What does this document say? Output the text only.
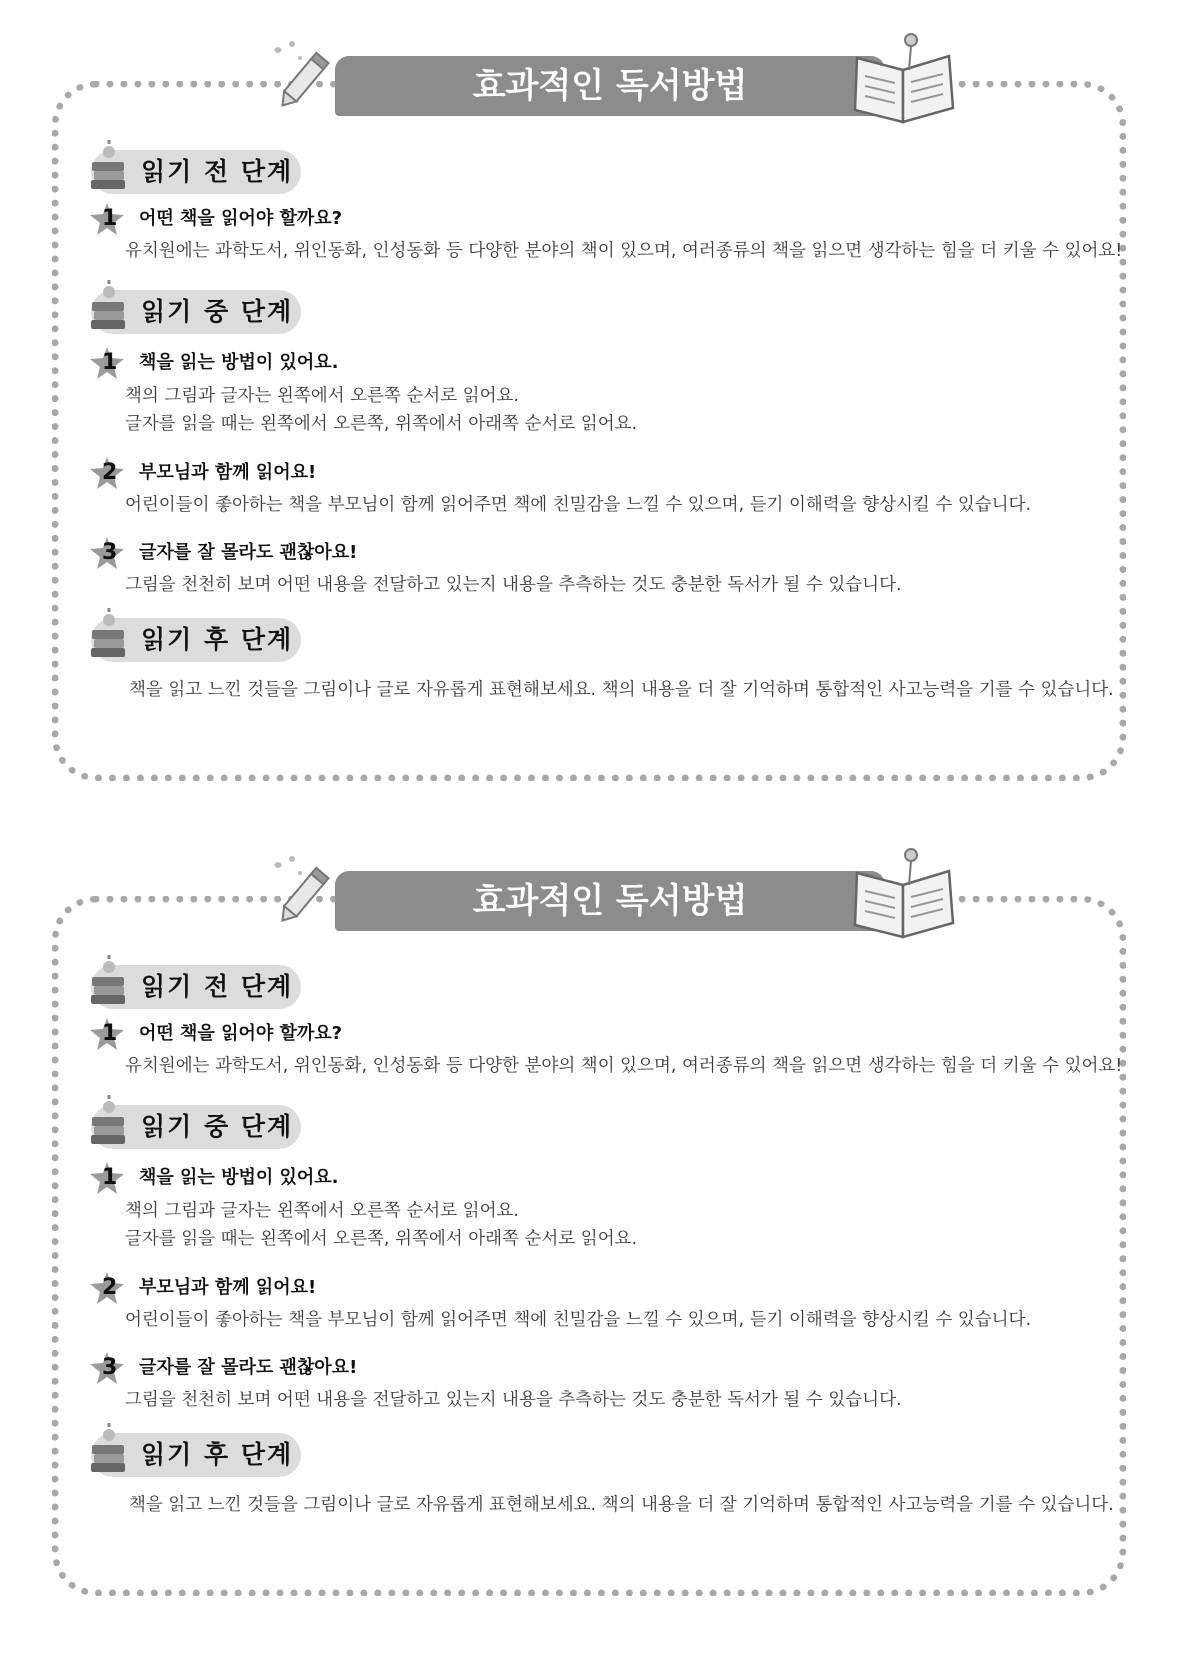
효과적인 독서방법
읽기 전 단계
1 어떤 책을 읽어야 할까요?
유치원에는 과학도서, 위인동화, 인성동화 등 다양한 분야의 책이 있으며, 여러종류의 책을 읽으면 생각하는 힘을 더 키울 수 있어요!
읽기 중 단계
1 책을 읽는 방법이 있어요.
책의 그림과 글자는 왼쪽에서 오른쪽 순서로 읽어요.
글자를 읽을 때는 왼쪽에서 오른쪽, 위쪽에서 아래쪽 순서로 읽어요.
2 부모님과 함께 읽어요!
어린이들이 좋아하는 책을 부모님이 함께 읽어주면 책에 친밀감을 느낄 수 있으며, 듣기 이해력을 향상시킬 수 있습니다.
3 글자를 잘 몰라도 괜찮아요!
그림을 천천히 보며 어떤 내용을 전달하고 있는지 내용을 추측하는 것도 충분한 독서가 될 수 있습니다.
읽기 후 단계
책을 읽고 느낀 것들을 그림이나 글로 자유롭게 표현해보세요. 책의 내용을 더 잘 기억하며 통합적인 사고능력을 기를 수 있습니다.
효과적인 독서방법
읽기 전 단계
1 어떤 책을 읽어야 할까요?
유치원에는 과학도서, 위인동화, 인성동화 등 다양한 분야의 책이 있으며, 여러종류의 책을 읽으면 생각하는 힘을 더 키울 수 있어요!
읽기 중 단계
1 책을 읽는 방법이 있어요.
책의 그림과 글자는 왼쪽에서 오른쪽 순서로 읽어요.
글자를 읽을 때는 왼쪽에서 오른쪽, 위쪽에서 아래쪽 순서로 읽어요.
2 부모님과 함께 읽어요!
어린이들이 좋아하는 책을 부모님이 함께 읽어주면 책에 친밀감을 느낄 수 있으며, 듣기 이해력을 향상시킬 수 있습니다.
3 글자를 잘 몰라도 괜찮아요!
그림을 천천히 보며 어떤 내용을 전달하고 있는지 내용을 추측하는 것도 충분한 독서가 될 수 있습니다.
읽기 후 단계
책을 읽고 느낀 것들을 그림이나 글로 자유롭게 표현해보세요. 책의 내용을 더 잘 기억하며 통합적인 사고능력을 기를 수 있습니다.
